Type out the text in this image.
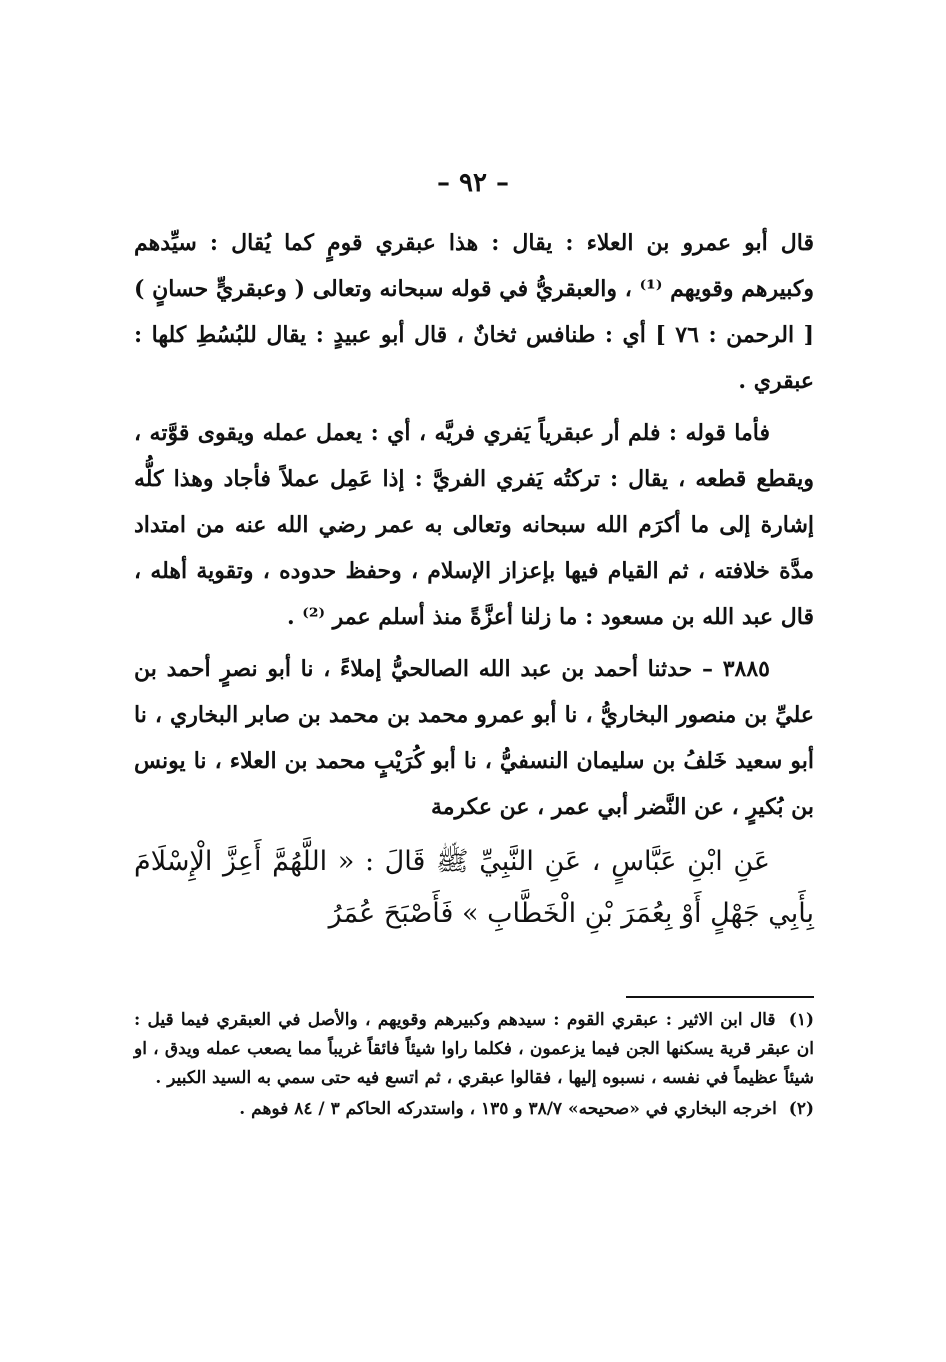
– ٩٢ –

قال أبو عمرو بن العلاء : يقال : هذا عبقري قومٍ كما يُقال : سيِّدهم وكبيرهم وقويهم ⁽¹⁾ ، والعبقريُّ في قوله سبحانه وتعالى ( وعبقريٍّ حسانٍ ) [ الرحمن : ٧٦ ] أي : طنافس ثخانٌ ، قال أبو عبيدٍ : يقال للبُسُطِ كلها : عبقري .

فأما قوله : فلم أر عبقرياً يَفري فريَّه ، أي : يعمل عمله ويقوى قوَّته ، ويقطع قطعه ، يقال : تركتُه يَفري الفريَّ : إذا عَمِل عملاً فأجاد وهذا كلُّه إشارة إلى ما أكرَم الله سبحانه وتعالى به عمر رضي الله عنه من امتداد مدَّة خلافته ، ثم القيام فيها بإعزاز الإسلام ، وحفظ حدوده ، وتقوية أهله ، قال عبد الله بن مسعود : ما زلنا أعزَّةً منذ أسلم عمر ⁽²⁾ .

٣٨٨٥ – حدثنا أحمد بن عبد الله الصالحيُّ إملاءً ، نا أبو نصرٍ أحمد بن عليِّ بن منصور البخاريُّ ، نا أبو عمرو محمد بن محمد بن صابر البخاري ، نا أبو سعيد خَلفُ بن سليمان النسفيُّ ، نا أبو كُرَيْبٍ محمد بن العلاء ، نا يونس بن بُكيرٍ ، عن النَّضر أبي عمر ، عن عكرمة

عَنِ ابْنِ عَبَّاسٍ ، عَنِ النَّبِيِّ ﷺ قَالَ : « اللَّهُمَّ أَعِزَّ الْإِسْلَامَ بِأَبِي جَهْلٍ أَوْ بِعُمَرَ بْنِ الْخَطَّابِ » فَأَصْبَحَ عُمَرُ

(١) قال ابن الاثير : عبقري القوم : سيدهم وكبيرهم وقويهم ، والأصل في العبقري فيما قيل : ان عبقر قرية يسكنها الجن فيما يزعمون ، فكلما راوا شيئاً فائقاً غريباً مما يصعب عمله ويدق ، او شيئاً عظيماً في نفسه ، نسبوه إليها ، فقالوا عبقري ، ثم اتسع فيه حتى سمي به السيد الكبير .

(٢) اخرجه البخاري في «صحيحه» ٣٨/٧ و ١٣٥ ، واستدركه الحاكم ٣ / ٨٤ فوهم .
